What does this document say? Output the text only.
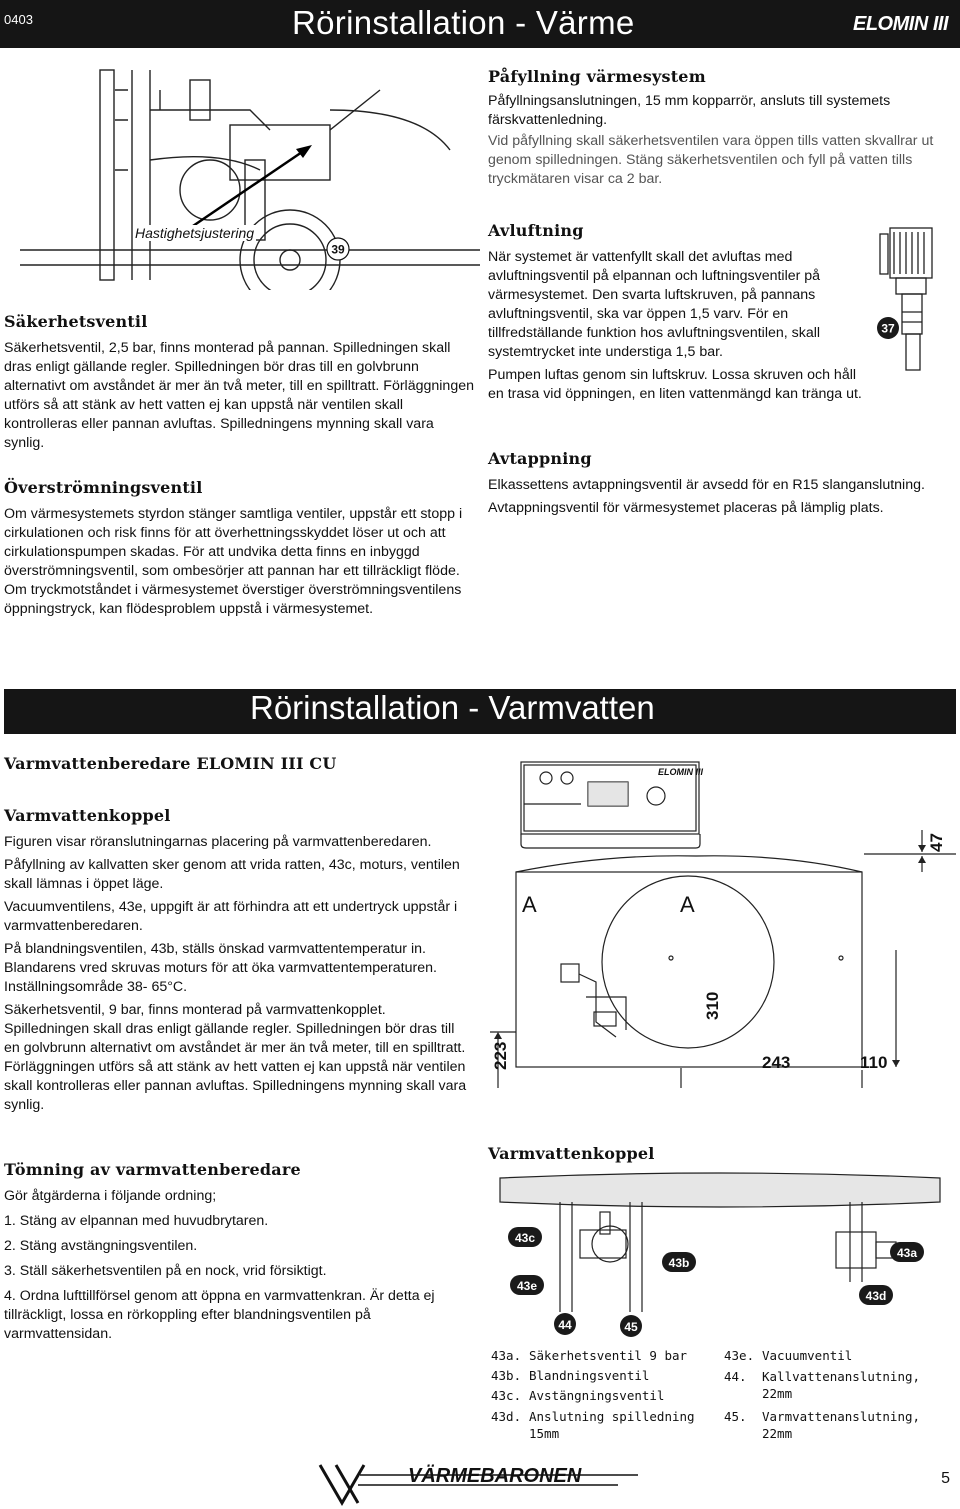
0403	Rörinstallation - Värme	ELOMIN III
Hastighetsjustering
39
Säkerhetsventil

Säkerhetsventil, 2,5 bar, finns monterad på pannan. Spilledningen skall dras enligt gällande regler. Spilledningen bör dras till en golvbrunn alternativt om avståndet är mer än två meter, till en spilltratt. Förläggningen utförs så att stänk av hett vatten ej kan uppstå när ventilen skall kontrolleras eller pannan avluftas. Spilledningens mynning skall vara synlig.

Överströmningsventil

Om värmesystemets styrdon stänger samtliga ventiler, uppstår ett stopp i cirkulationen och risk finns för att överhettningsskyddet löser ut och att cirkulationspumpen skadas. För att undvika detta finns en inbyggd överströmningsventil, som ombesörjer att pannan har ett tillräckligt flöde. Om tryckmotståndet i värmesystemet överstiger överströmningsventilens öppningstryck, kan flödesproblem uppstå i värmesystemet.

Påfyllning värmesystem

Påfyllningsanslutningen, 15 mm kopparrör, ansluts till systemets färskvattenledning.

Vid påfyllning skall säkerhetsventilen vara öppen tills vatten skvallrar ut genom spilledningen. Stäng säkerhetsventilen och fyll på vatten tills tryckmätaren visar ca 2 bar.

Avluftning

När systemet är vattenfyllt skall det avluftas med avluftningsventil på elpannan och luftningsventiler på värmesystemet. Den svarta luftskruven, på pannans avluftningsventil, ska var öppen 1,5 varv. För en tillfredställande funktion hos avluftningsventilen, skall systemtrycket inte understiga 1,5 bar.

Pumpen luftas genom sin luftskruv. Lossa skruven och håll en trasa vid öppningen, en liten vattenmängd kan tränga ut.

37
Avtappning

Elkassettens avtappningsventil är avsedd för en R15 slanganslutning.

Avtappningsventil för värmesystemet placeras på lämplig plats.

Rörinstallation - Varmvatten
Varmvattenberedare ELOMIN III CU
Varmvattenkoppel

Figuren visar röranslutningarnas placering på varmvattenberedaren.

Påfyllning av kallvatten sker genom att vrida ratten, 43c, moturs, ventilen skall lämnas i öppet läge.

Vacuumventilens, 43e, uppgift är att förhindra att ett undertryck uppstår i varmvattenberedaren.

På blandningsventilen, 43b, ställs önskad varmvattentemperatur in. Blandarens vred skruvas moturs för att öka varmvattentemperaturen. Inställningsområde 38- 65°C.

Säkerhetsventil, 9 bar, finns monterad på varmvattenkopplet. Spilledningen skall dras enligt gällande regler. Spilledningen bör dras till en golvbrunn alternativt om avståndet är mer än två meter, till en spilltratt. Förläggningen utförs så att stänk av hett vatten ej kan uppstå när ventilen skall kontrolleras eller pannan avluftas. Spilledningens mynning skall vara synlig.

Tömning av varmvattenberedare

Gör åtgärderna i följande ordning;

1. Stäng av elpannan med huvudbrytaren.
2. Stäng avstängningsventilen.
3. Ställ säkerhetsventilen på en nock, vrid försiktigt.
4. Ordna lufttillförsel genom att öppna en varmvattenkran. Är detta ej tillräckligt, lossa en rörkoppling efter blandningsventilen på varmvattensidan.
ELOMIN III
47
A	A
310
223	243	110
Varmvattenkoppel
43c
43e
43b
43a
43d
44	45
43a. Säkerhetsventil 9 bar
43b. Blandningsventil
43c. Avstängningsventil
43d. Anslutning spilledning 15mm
43e. Vacuumventil
44.	Kallvattenanslutning, 22mm
45.	Varmvattenanslutning, 22mm
VÄRMEBARONEN	5
